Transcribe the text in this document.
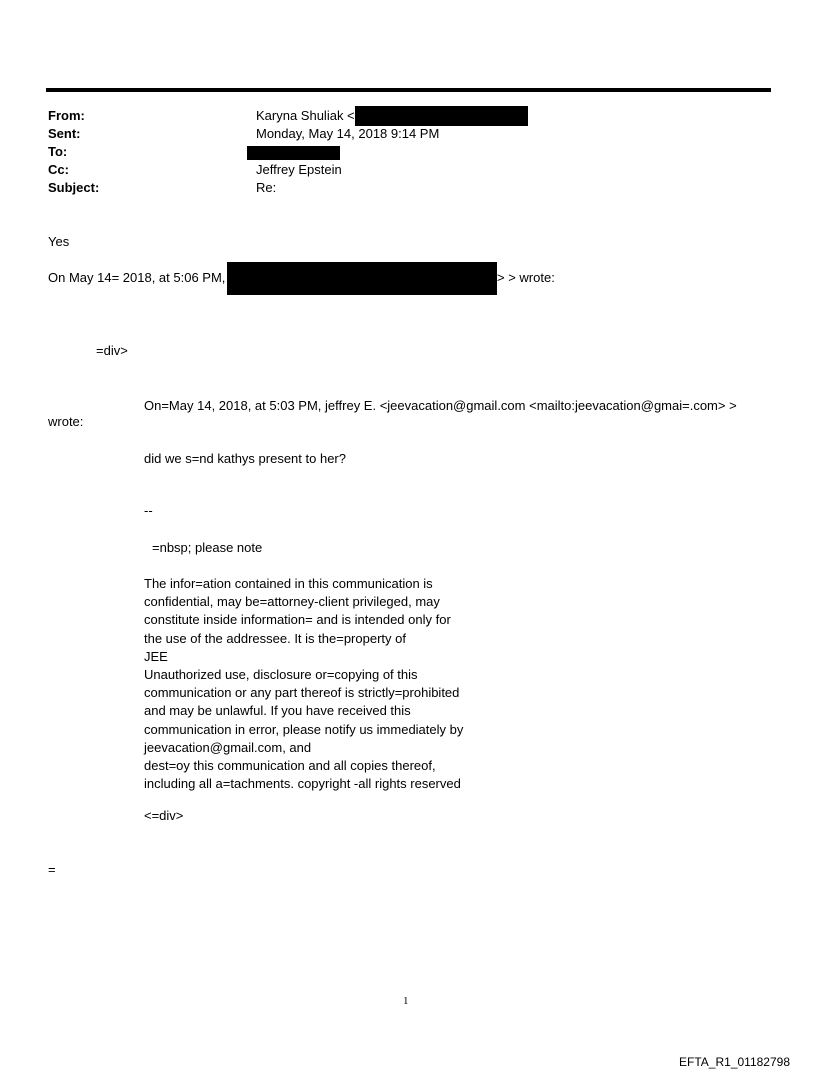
From:	Karyna Shuliak <
Sent:	Monday, May 14, 2018 9:14 PM
To:
Cc:	Jeffrey Epstein
Subject:	Re:
Yes
On May 14= 2018, at 5:06 PM,	> > wrote:
=div>
On=May 14, 2018, at 5:03 PM, jeffrey E. <jeevacation@gmail.com <mailto:jeevacation@gmai=.com> >
wrote:
did we s=nd kathys present to her?
--
=nbsp; please note
The infor=ation contained in this communication is
confidential, may be=attorney-client privileged, may
constitute inside information= and is intended only for
the use of the addressee. It is the=property of
JEE
Unauthorized use, disclosure or=copying of this
communication or any part thereof is strictly=prohibited
and may be unlawful. If you have received this
communication in error, please notify us immediately by
jeevacation@gmail.com, and
dest=oy this communication and all copies thereof,
including all a=tachments. copyright -all rights reserved
<=div>
=
1
EFTA_R1_01182798
